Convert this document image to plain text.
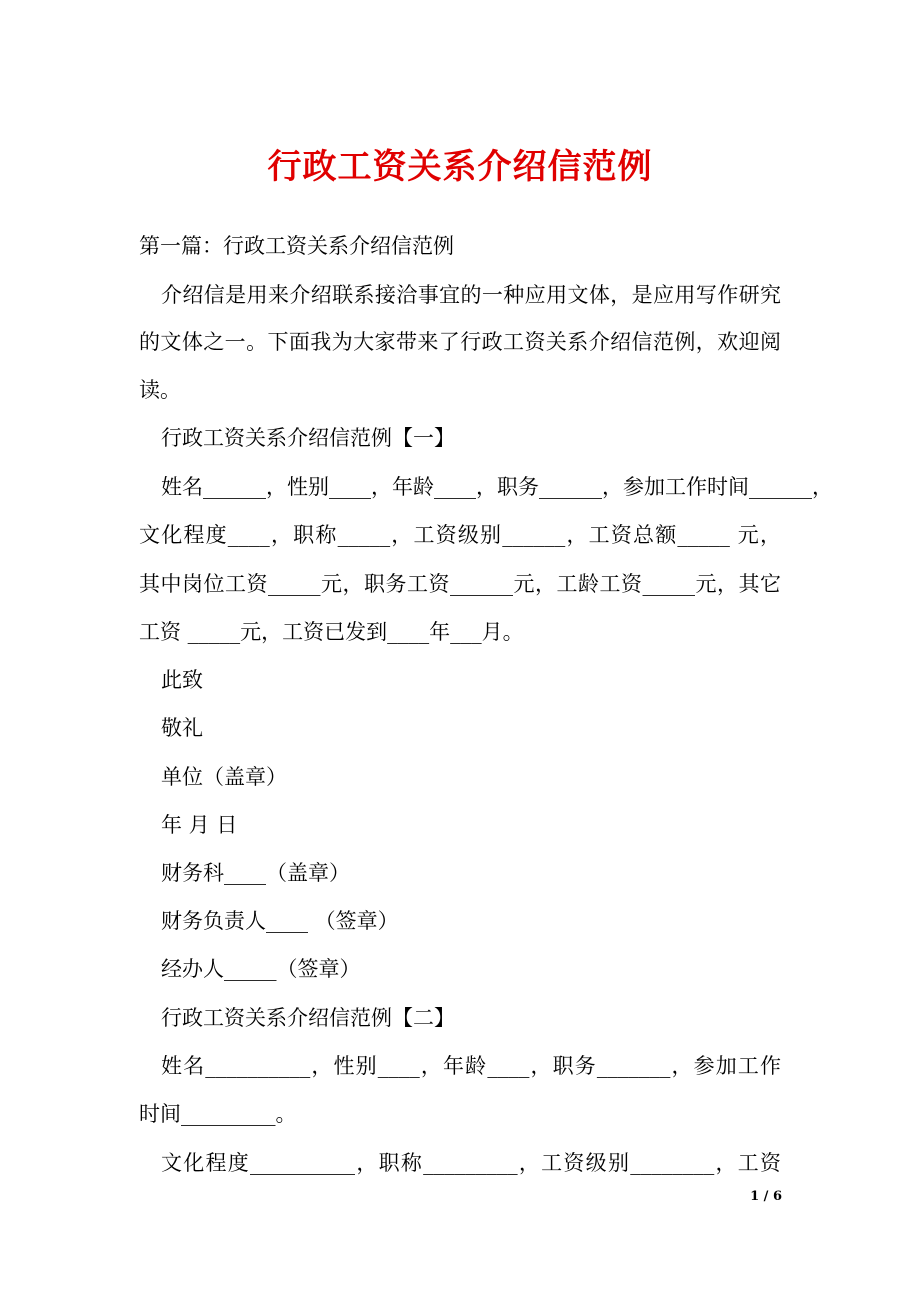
行政工资关系介绍信范例
第一篇：行政工资关系介绍信范例
介绍信是用来介绍联系接洽事宜的一种应用文体，是应用写作研究
的文体之一。下面我为大家带来了行政工资关系介绍信范例，欢迎阅
读。
行政工资关系介绍信范例【一】
姓名______，性别____，年龄____，职务______，参加工作时间______，
文化程度____，职称_____，工资级别______，工资总额_____ 元，
其中岗位工资_____元，职务工资______元，工龄工资_____元，其它
工资 _____元，工资已发到____年___月。
此致
敬礼
单位（盖章）
年 月 日
财务科____（盖章）
财务负责人____ （签章）
经办人_____（签章）
行政工资关系介绍信范例【二】
姓名__________，性别____，年龄____，职务_______，参加工作
时间_________。
文化程度__________，职称_________，工资级别________，工资
1 / 6
